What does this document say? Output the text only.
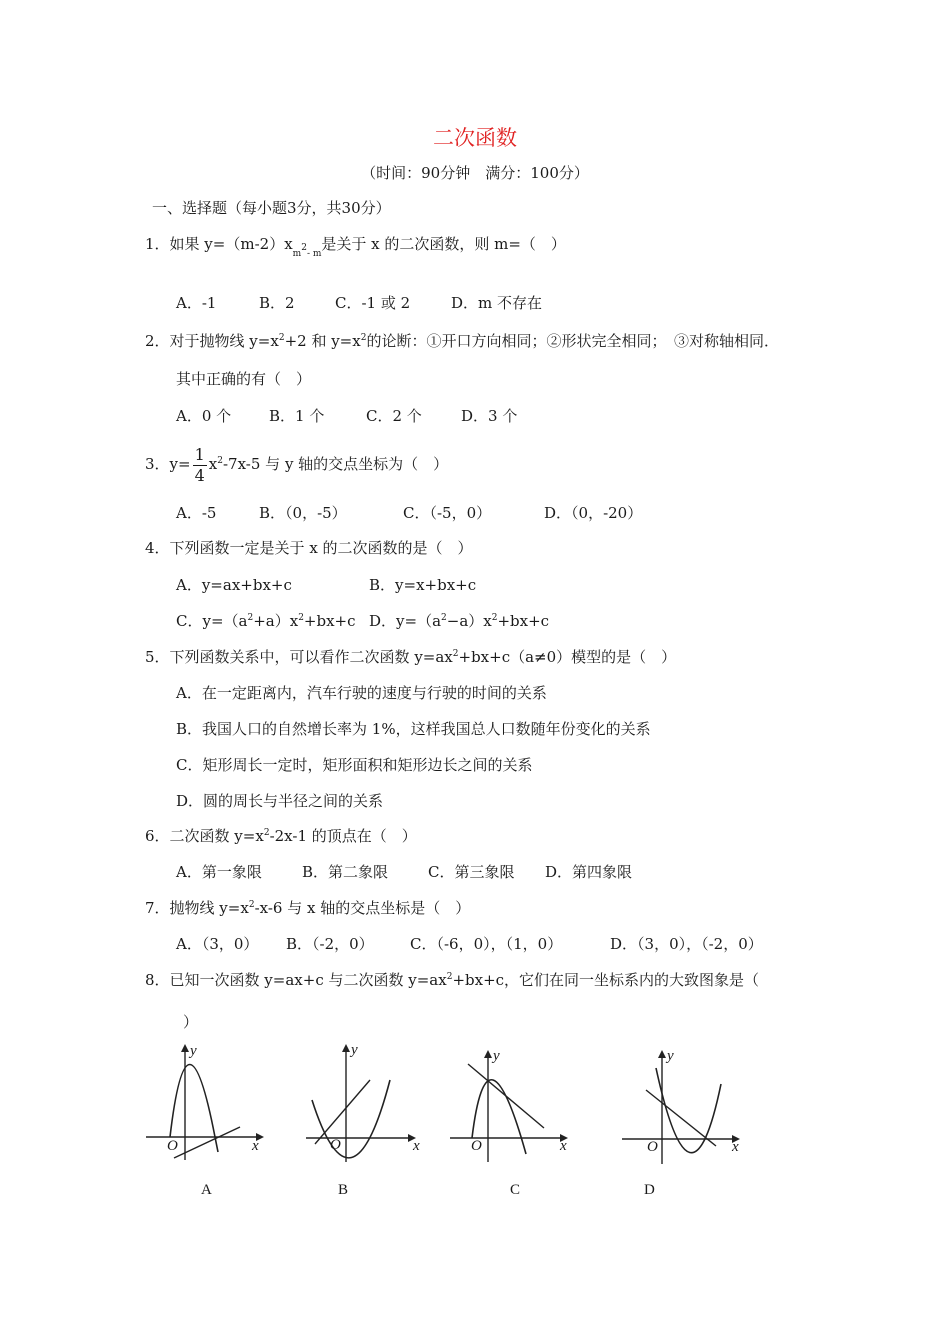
二次函数
（时间：90分钟　满分：100分）
一、选择题（每小题3分，共30分）
1．如果 $y=(m-2)x_{m^2- m}$是关于 x 的二次函数，则 m=（　）
A．-1	B．2	C．-1 或 2	D．m 不存在
2．对于抛物线 $y=x^2+2$ 和 $y=x^2$的论断：①开口方向相同；②形状完全相同；　③对称轴相同．
其中正确的有（　）
A．0 个	B．1 个	C．2 个	D．3 个
3．$y= \frac{1}{4} x^2-7x-5$ 与 y 轴的交点坐标为（　）
A．-5	B．（0，-5）	C．（-5，0）	D．（0，-20）
4．下列函数一定是关于 x 的二次函数的是（　）
A．y=ax+bx+c	B．y=x+bx+c
C．$y=(a^2+a)x^2+bx+c$ D．$y=(a^2-a)x^2+bx+c$
5．下列函数关系中，可以看作二次函数 $y=ax^2+bx+c(a\ne 0)$模型的是（　）
A．在一定距离内，汽车行驶的速度与行驶的时间的关系
B．我国人口的自然增长率为 1%，这样我国总人口数随年份变化的关系
C．矩形周长一定时，矩形面积和矩形边长之间的关系
D．圆的周长与半径之间的关系
6．二次函数 $y=x^2-2x-1$ 的顶点在（　）
A．第一象限	B．第二象限	C．第三象限 D．第四象限
7．抛物线 $y=x^2-x-6$ 与 x 轴的交点坐标是（　）
A．（3，0） B．（-2，0） C．（-6，0），（1，0）	D．（3，0），（-2，0）
8．已知一次函数 y=ax+c 与二次函数 $y=ax^2+bx+c$，它们在同一坐标系内的大致图象是（
）
y
x
O
A
y
x
O
B
y
x
O
C
y
x
O
D
